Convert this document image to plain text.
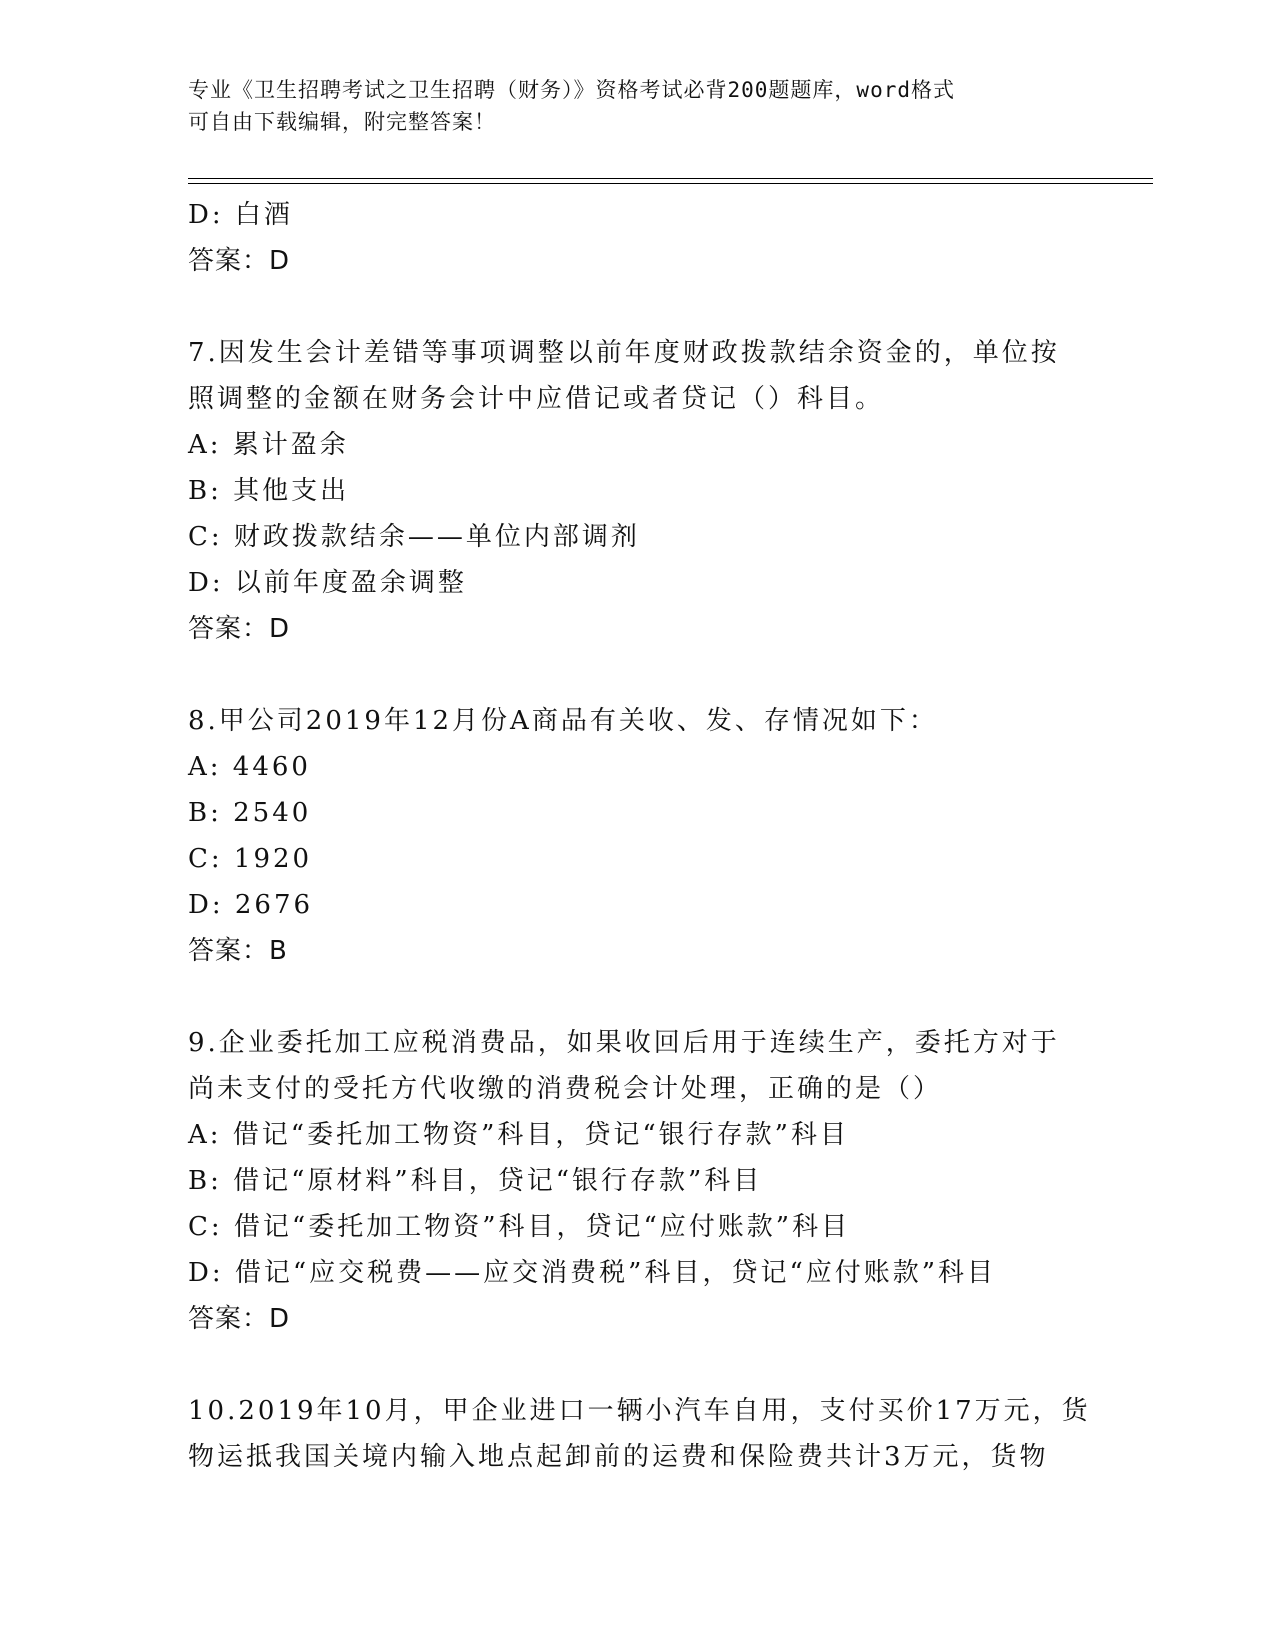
专业《卫生招聘考试之卫生招聘（财务）》资格考试必背200题题库，word格式
可自由下载编辑，附完整答案！
D: 白酒
答案：D
7.因发生会计差错等事项调整以前年度财政拨款结余资金的，单位按
照调整的金额在财务会计中应借记或者贷记（）科目。
A: 累计盈余
B: 其他支出
C: 财政拨款结余——单位内部调剂
D: 以前年度盈余调整
答案：D
8.甲公司2019年12月份A商品有关收、发、存情况如下：
A: 4460
B: 2540
C: 1920
D: 2676
答案：B
9.企业委托加工应税消费品，如果收回后用于连续生产，委托方对于
尚未支付的受托方代收缴的消费税会计处理，正确的是（）
A: 借记“委托加工物资”科目，贷记“银行存款”科目
B: 借记“原材料”科目，贷记“银行存款”科目
C: 借记“委托加工物资”科目，贷记“应付账款”科目
D: 借记“应交税费——应交消费税”科目，贷记“应付账款”科目
答案：D
10.2019年10月，甲企业进口一辆小汽车自用，支付买价17万元，货
物运抵我国关境内输入地点起卸前的运费和保险费共计3万元，货物
